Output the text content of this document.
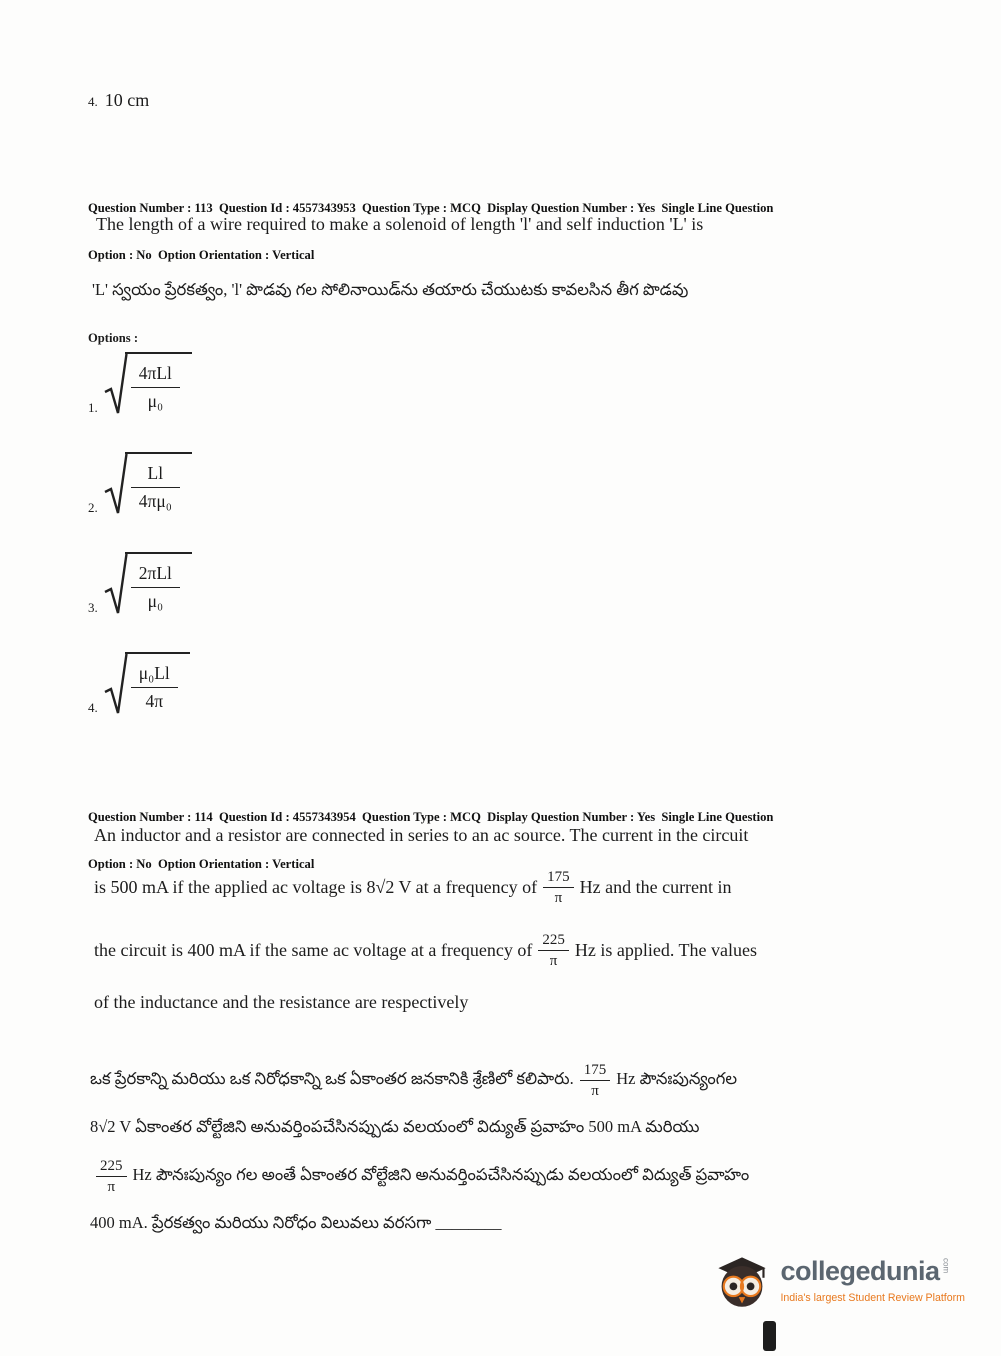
4. 10 cm

Question Number : 113  Question Id : 4557343953  Question Type : MCQ  Display Question Number : Yes  Single Line Question

Option : No  Option Orientation : Vertical

The length of a wire required to make a solenoid of length 'l' and self induction 'L' is
'L' స్వయం ప్రేరకత్వం, 'l' పొడవు గల సోలినాయిడ్‌ను తయారు చేయుటకు కావలసిన తీగ పొడవు
Options :
1. $\frac{\text{4πLl}}{\text{μ₀}}$
2. $\frac{Ll}{\text{4πμ₀}}$
3. $\frac{\text{2πLl}}{\text{μ₀}}$
4. $\frac{\text{μ₀Ll}}{4\pi}$

Question Number : 114  Question Id : 4557343954  Question Type : MCQ  Display Question Number : Yes  Single Line Question

Option : No  Option Orientation : Vertical

An inductor and a resistor are connected in series to an ac source. The current in the circuit
is 500 mA if the applied ac voltage is 8√2 V at a frequency of 175
π
Hz and the current in
the circuit is 400 mA if the same ac voltage at a frequency of 225
π
Hz is applied. The values
of the inductance and the resistance are respectively
ఒక ప్రేరకాన్ని మరియు ఒక నిరోధకాన్ని ఒక ఏకాంతర జనకానికి శ్రేణిలో కలిపారు. 175
π
Hz పౌనఃపున్యంగల
8√2 V ఏకాంతర వోల్టేజిని అనువర్తింపచేసినప్పుడు వలయంలో విద్యుత్ ప్రవాహం 500 mA మరియు
225
π
Hz పౌనఃపున్యం గల అంతే ఏకాంతర వోల్టేజిని అనువర్తింపచేసినప్పుడు వలయంలో విద్యుత్ ప్రవాహం
400 mA. ప్రేరకత్వం మరియు నిరోధం విలువలు వరసగా ________
collegedunia com
India's largest Student Review Platform
